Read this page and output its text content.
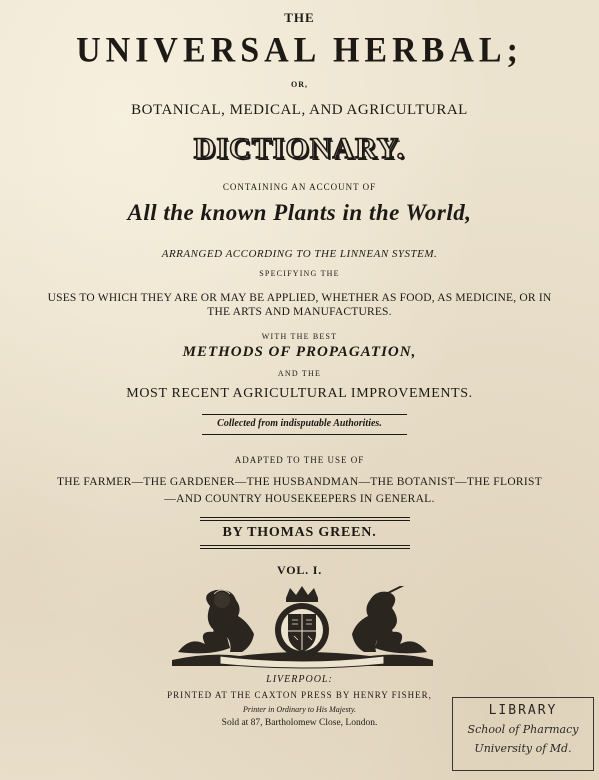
THE
UNIVERSAL HERBAL;
OR,
BOTANICAL, MEDICAL, AND AGRICULTURAL
DICTIONARY.
CONTAINING AN ACCOUNT OF
All the known Plants in the World,
ARRANGED ACCORDING TO THE LINNEAN SYSTEM.
SPECIFYING THE
USES TO WHICH THEY ARE OR MAY BE APPLIED, WHETHER AS FOOD, AS MEDICINE, OR IN
THE ARTS AND MANUFACTURES.
WITH THE BEST
METHODS OF PROPAGATION,
AND THE
MOST RECENT AGRICULTURAL IMPROVEMENTS.
Collected from indisputable Authorities.
ADAPTED TO THE USE OF
THE FARMER—THE GARDENER—THE HUSBANDMAN—THE BOTANIST—THE FLORIST
—AND COUNTRY HOUSEKEEPERS IN GENERAL.
BY THOMAS GREEN.
VOL. I.
LIVERPOOL:
PRINTED AT THE CAXTON PRESS BY HENRY FISHER,
Printer in Ordinary to His Majesty.
Sold at 87, Bartholomew Close, London.
LIBRARY
School of Pharmacy
University of Md.
